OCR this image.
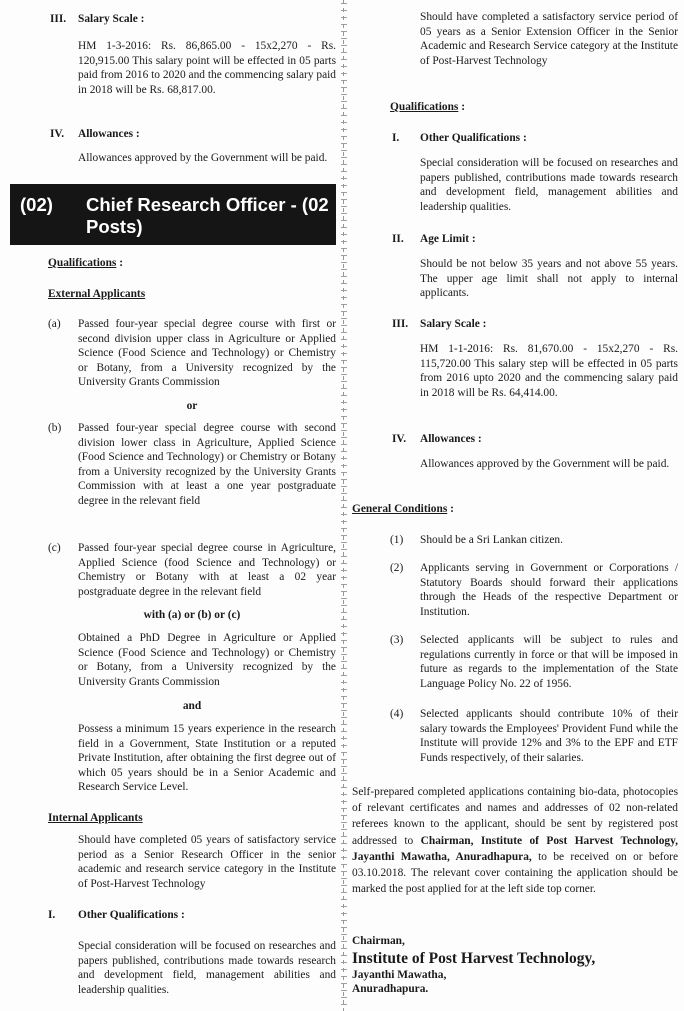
III. Salary Scale :
HM 1-3-2016: Rs. 86,865.00 - 15x2,270 - Rs. 120,915.00 This salary point will be effected in 05 parts paid from 2016 to 2020 and the commencing salary paid in 2018 will be Rs. 68,817.00.
IV. Allowances :
Allowances approved by the Government will be paid.
(02) Chief Research Officer - (02 Posts)
Qualifications :
External Applicants
(a) Passed four-year special degree course with first or second division upper class in Agriculture or Applied Science (Food Science and Technology) or Chemistry or Botany, from a University recognized by the University Grants Commission
or
(b) Passed four-year special degree course with second division lower class in Agriculture, Applied Science (Food Science and Technology) or Chemistry or Botany from a University recognized by the University Grants Commission with at least a one year postgraduate degree in the relevant field
(c) Passed four-year special degree course in Agriculture, Applied Science (food Science and Technology) or Chemistry or Botany with at least a 02 year postgraduate degree in the relevant field
with (a) or (b) or (c)
Obtained a PhD Degree in Agriculture or Applied Science (Food Science and Technology) or Chemistry or Botany, from a University recognized by the University Grants Commission
and
Possess a minimum 15 years experience in the research field in a Government, State Institution or a reputed Private Institution, after obtaining the first degree out of which 05 years should be in a Senior Academic and Research Service Level.
Internal Applicants
Should have completed 05 years of satisfactory service period as a Senior Research Officer in the senior academic and research service category in the Institute of Post-Harvest Technology
I. Other Qualifications :
Special consideration will be focused on researches and papers published, contributions made towards research and development field, management abilities and leadership qualities.
Should have completed a satisfactory service period of 05 years as a Senior Extension Officer in the Senior Academic and Research Service category at the Institute of Post-Harvest Technology
Qualifications :
I. Other Qualifications :
Special consideration will be focused on researches and papers published, contributions made towards research and development field, management abilities and leadership qualities.
II. Age Limit :
Should be not below 35 years and not above 55 years. The upper age limit shall not apply to internal applicants.
III. Salary Scale :
HM 1-1-2016: Rs. 81,670.00 - 15x2,270 - Rs. 115,720.00 This salary step will be effected in 05 parts from 2016 upto 2020 and the commencing salary paid in 2018 will be Rs. 64,414.00.
IV. Allowances :
Allowances approved by the Government will be paid.
General Conditions :
(1) Should be a Sri Lankan citizen.
(2) Applicants serving in Government or Corporations / Statutory Boards should forward their applications through the Heads of the respective Department or Institution.
(3) Selected applicants will be subject to rules and regulations currently in force or that will be imposed in future as regards to the implementation of the State Language Policy No. 22 of 1956.
(4) Selected applicants should contribute 10% of their salary towards the Employees' Provident Fund while the Institute will provide 12% and 3% to the EPF and ETF Funds respectively, of their salaries.
Self-prepared completed applications containing bio-data, photocopies of relevant certificates and names and addresses of 02 non-related referees known to the applicant, should be sent by registered post addressed to Chairman, Institute of Post Harvest Technology, Jayanthi Mawatha, Anuradhapura, to be received on or before 03.10.2018. The relevant cover containing the application should be marked the post applied for at the left side top corner.
Chairman,
Institute of Post Harvest Technology,
Jayanthi Mawatha,
Anuradhapura.
